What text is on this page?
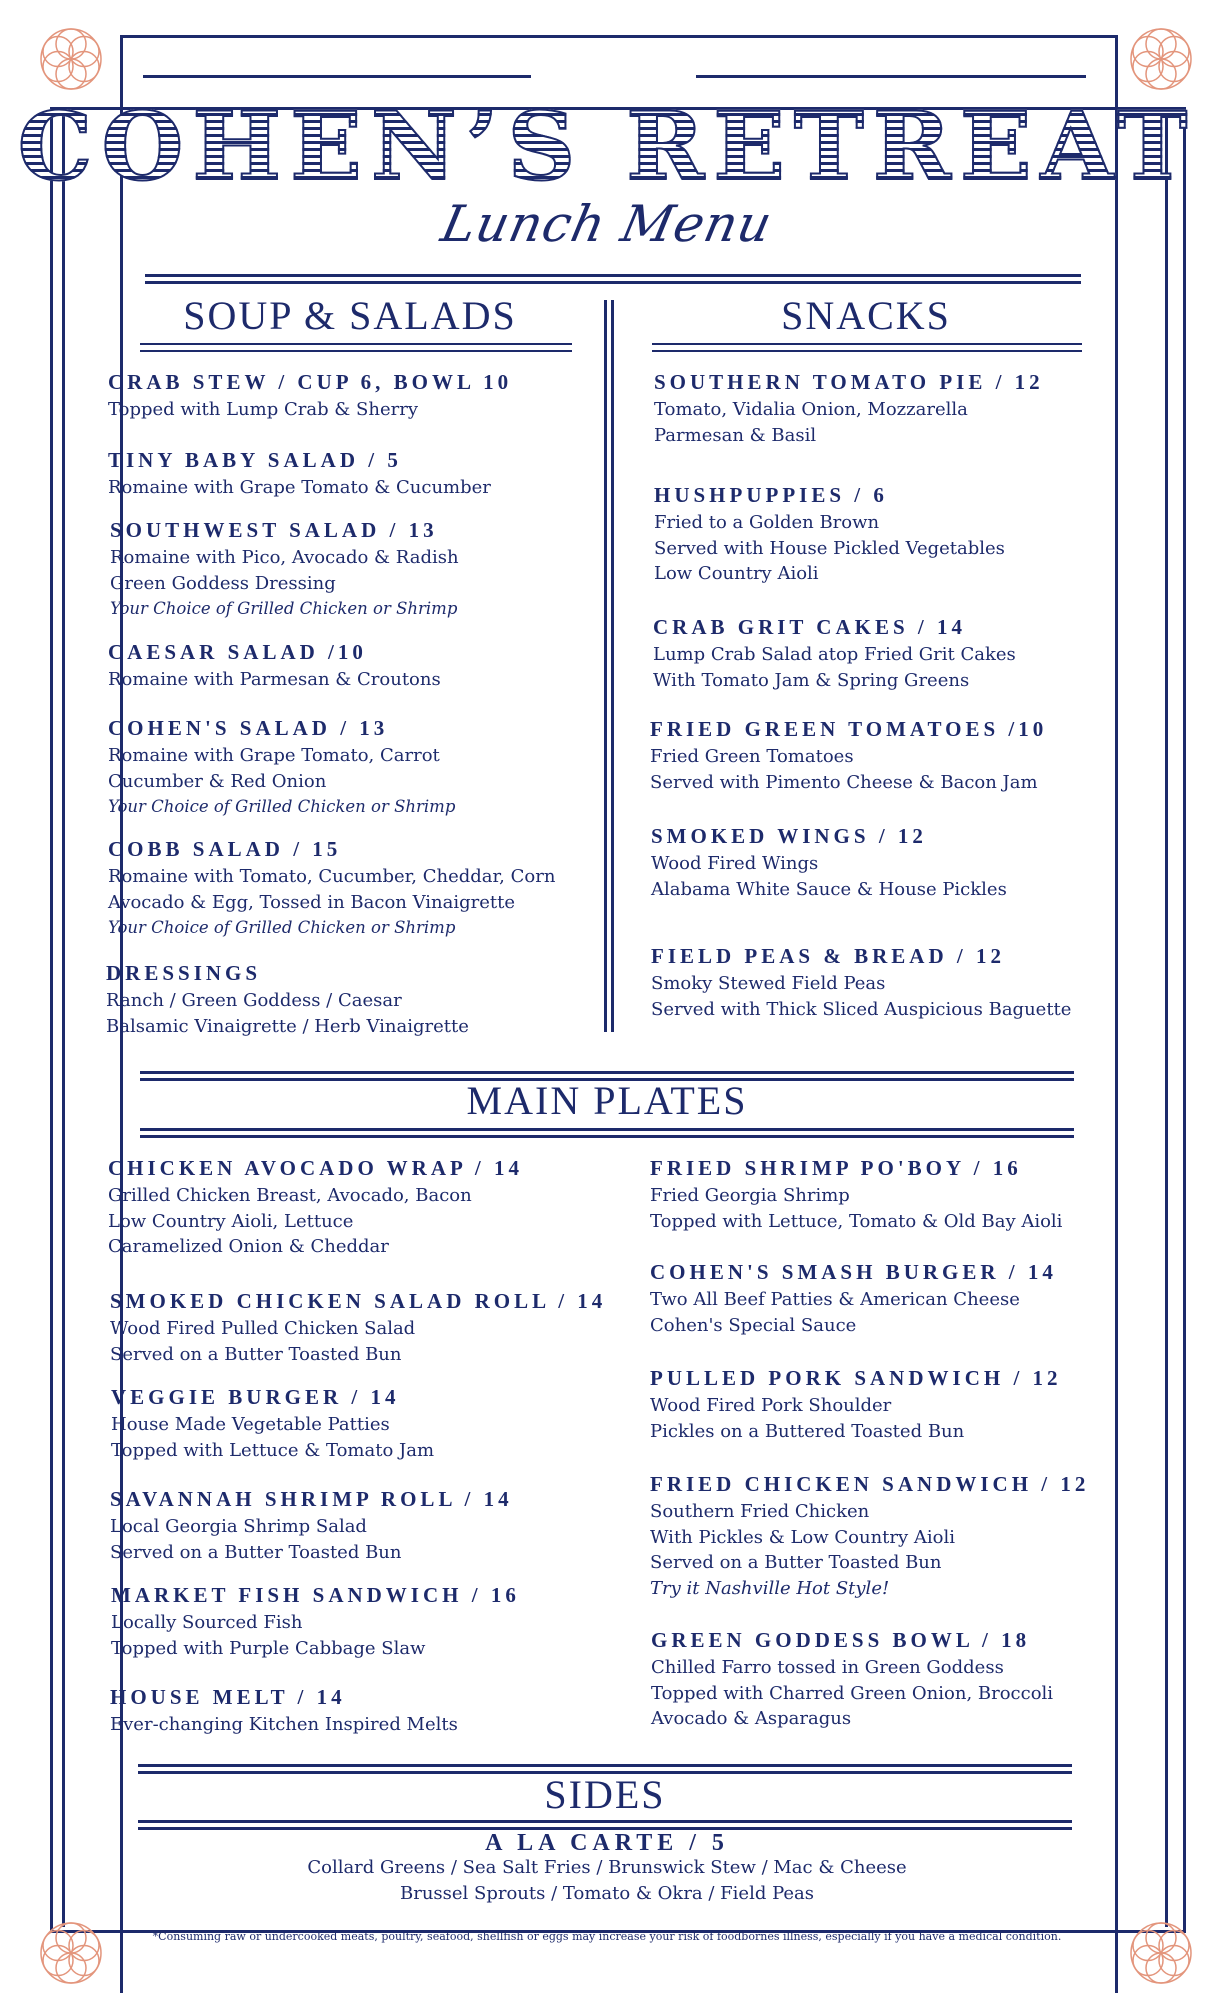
COHEN’S RETREAT
Lunch Menu
SOUP & SALADS	SNACKS
CRAB STEW / CUP 6, BOWL 10
Topped with Lump Crab & Sherry
TINY BABY SALAD / 5
Romaine with Grape Tomato & Cucumber
SOUTHWEST SALAD / 13
Romaine with Pico, Avocado & Radish
Green Goddess Dressing
Your Choice of Grilled Chicken or Shrimp
CAESAR SALAD /10
Romaine with Parmesan & Croutons
COHEN'S SALAD / 13
Romaine with Grape Tomato, Carrot
Cucumber & Red Onion
Your Choice of Grilled Chicken or Shrimp
COBB SALAD / 15
Romaine with Tomato, Cucumber, Cheddar, Corn
Avocado & Egg, Tossed in Bacon Vinaigrette
Your Choice of Grilled Chicken or Shrimp
DRESSINGS
Ranch / Green Goddess / Caesar
Balsamic Vinaigrette / Herb Vinaigrette
SOUTHERN TOMATO PIE / 12
Tomato, Vidalia Onion, Mozzarella
Parmesan & Basil
HUSHPUPPIES / 6
Fried to a Golden Brown
Served with House Pickled Vegetables
Low Country Aioli
CRAB GRIT CAKES / 14
Lump Crab Salad atop Fried Grit Cakes
With Tomato Jam & Spring Greens
FRIED GREEN TOMATOES /10
Fried Green Tomatoes
Served with Pimento Cheese & Bacon Jam
SMOKED WINGS / 12
Wood Fired Wings
Alabama White Sauce & House Pickles
FIELD PEAS & BREAD / 12
Smoky Stewed Field Peas
Served with Thick Sliced Auspicious Baguette
MAIN PLATES
CHICKEN AVOCADO WRAP / 14
Grilled Chicken Breast, Avocado, Bacon
Low Country Aioli, Lettuce
Caramelized Onion & Cheddar
SMOKED CHICKEN SALAD ROLL / 14
Wood Fired Pulled Chicken Salad
Served on a Butter Toasted Bun
VEGGIE BURGER / 14
House Made Vegetable Patties
Topped with Lettuce & Tomato Jam
SAVANNAH SHRIMP ROLL / 14
Local Georgia Shrimp Salad
Served on a Butter Toasted Bun
MARKET FISH SANDWICH / 16
Locally Sourced Fish
Topped with Purple Cabbage Slaw
HOUSE MELT / 14
Ever-changing Kitchen Inspired Melts
FRIED SHRIMP PO'BOY / 16
Fried Georgia Shrimp
Topped with Lettuce, Tomato & Old Bay Aioli
COHEN'S SMASH BURGER / 14
Two All Beef Patties & American Cheese
Cohen's Special Sauce
PULLED PORK SANDWICH / 12
Wood Fired Pork Shoulder
Pickles on a Buttered Toasted Bun
FRIED CHICKEN SANDWICH / 12
Southern Fried Chicken
With Pickles & Low Country Aioli
Served on a Butter Toasted Bun
Try it Nashville Hot Style!
GREEN GODDESS BOWL / 18
Chilled Farro tossed in Green Goddess
Topped with Charred Green Onion, Broccoli
Avocado & Asparagus
SIDES
A LA CARTE / 5
Collard Greens / Sea Salt Fries / Brunswick Stew / Mac & Cheese
Brussel Sprouts / Tomato & Okra / Field Peas
*Consuming raw or undercooked meats, poultry, seafood, shellfish or eggs may increase your risk of foodbornes illness, especially if you have a medical condition.
